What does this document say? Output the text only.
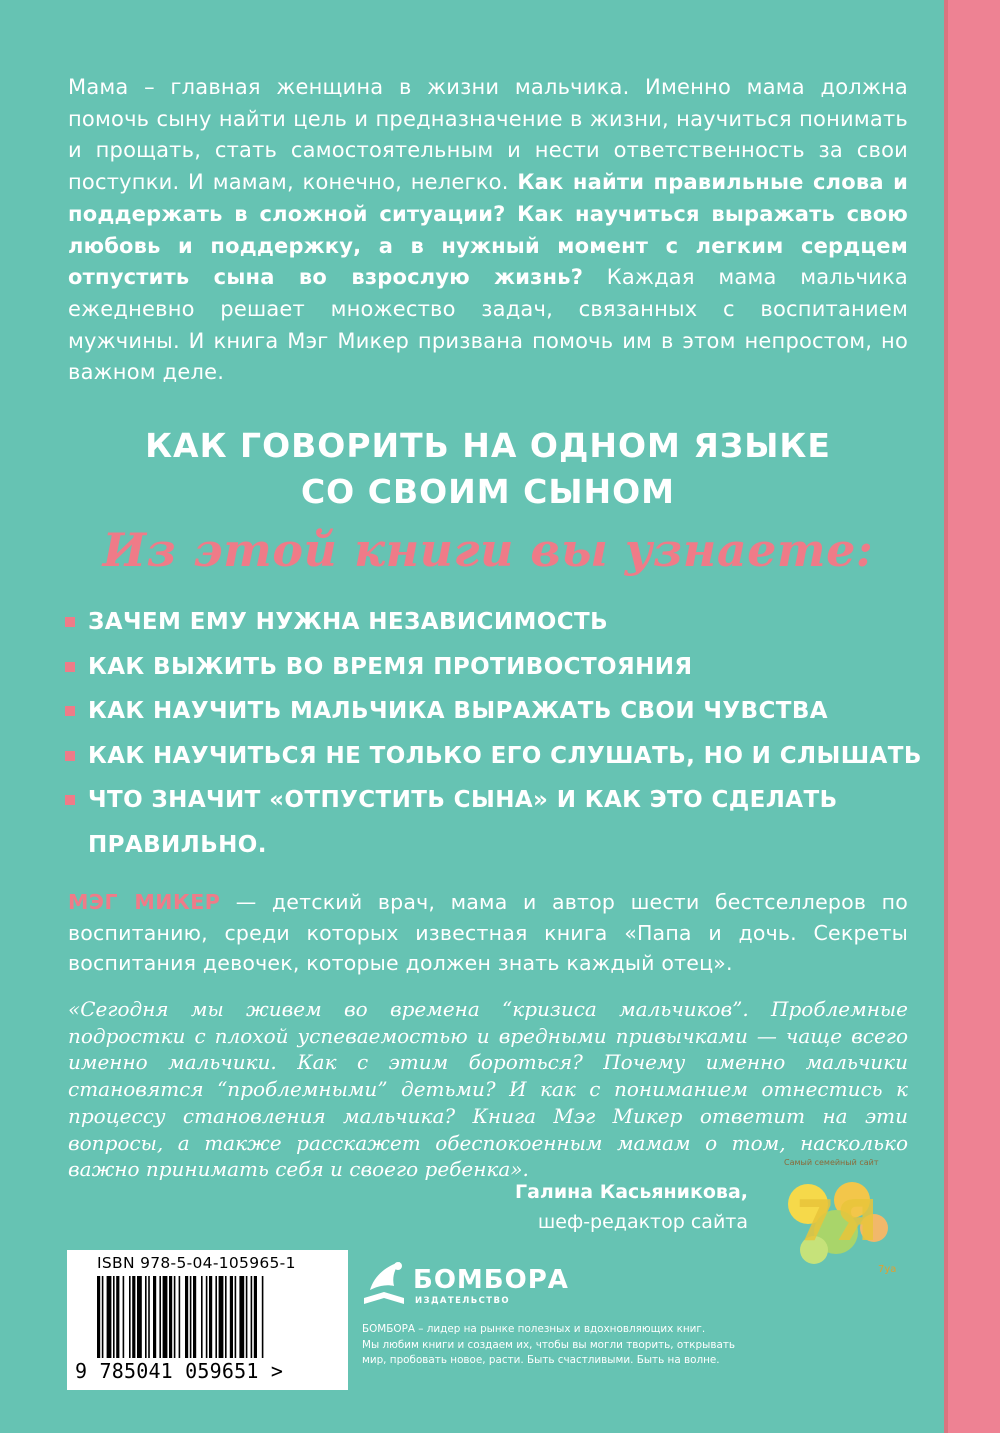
Мама – главная женщина в жизни мальчика. Именно мама должна помочь сыну найти цель и предназначение в жизни, научиться понимать и прощать, стать самостоятельным и нести ответственность за свои поступки. И мамам, конечно, нелегко. Как найти правильные слова и поддержать в сложной ситуации? Как научиться выражать свою любовь и поддержку, а в нужный момент с легким сердцем отпустить сына во взрослую жизнь? Каждая мама мальчика ежедневно решает множество задач, связанных с воспитанием мужчины. И книга Мэг Микер призвана помочь им в этом непростом, но важном деле.
КАК ГОВОРИТЬ НА ОДНОМ ЯЗЫКЕ
СО СВОИМ СЫНОМ
Из этой книги вы узнаете:
ЗАЧЕМ ЕМУ НУЖНА НЕЗАВИСИМОСТЬ
КАК ВЫЖИТЬ ВО ВРЕМЯ ПРОТИВОСТОЯНИЯ
КАК НАУЧИТЬ МАЛЬЧИКА ВЫРАЖАТЬ СВОИ ЧУВСТВА
КАК НАУЧИТЬСЯ НЕ ТОЛЬКО ЕГО СЛУШАТЬ, НО И СЛЫШАТЬ
ЧТО ЗНАЧИТ «ОТПУСТИТЬ СЫНА» И КАК ЭТО СДЕЛАТЬ ПРАВИЛЬНО.
МЭГ МИКЕР — детский врач, мама и автор шести бестселлеров по воспитанию, среди которых известная книга «Папа и дочь. Секреты воспитания девочек, которые должен знать каждый отец».
«Сегодня мы живем во времена “кризиса мальчиков”. Проблемные подростки с плохой успеваемостью и вредными привычками — чаще всего именно мальчики. Как с этим бороться? Почему именно мальчики становятся “проблемными” детьми? И как с пониманием отнестись к процессу становления мальчика? Книга Мэг Микер ответит на эти вопросы, а также расскажет обеспокоенным мамам о том, насколько важно принимать себя и своего ребенка».
Галина Касьяникова,
шеф-редактор сайта
Самый семейный сайт
7Я
7ya
ISBN 978-5-04-105965-1
9 785041 059651 >
БОМБОРА
ИЗДАТЕЛЬСТВО
БОМБОРА – лидер на рынке полезных и вдохновляющих книг.
Мы любим книги и создаем их, чтобы вы могли творить, открывать
мир, пробовать новое, расти. Быть счастливыми. Быть на волне.
